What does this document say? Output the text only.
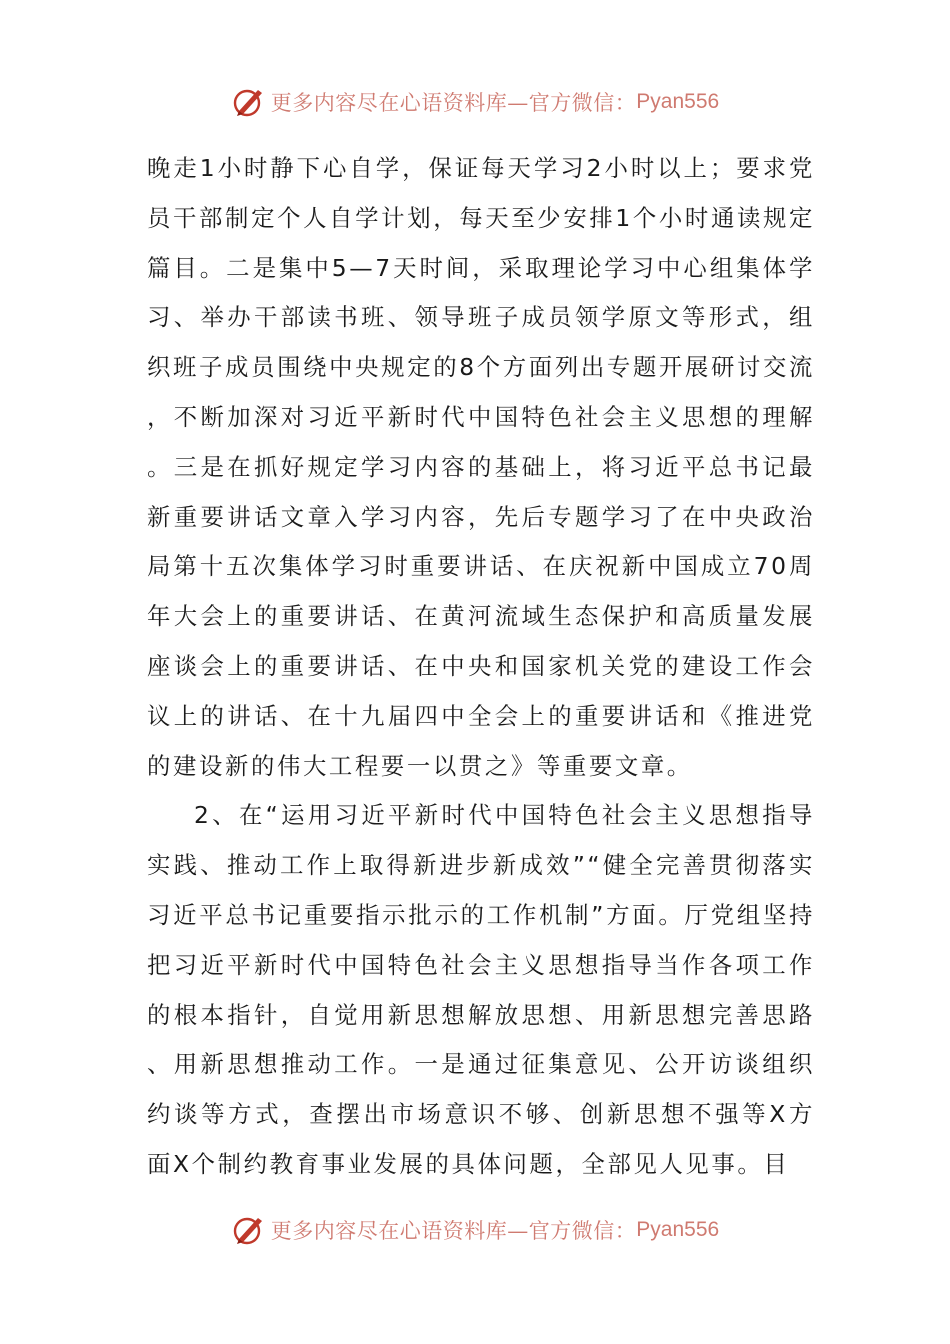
更多内容尽在心语资料库—官方微信： Pyan556

晚走1小时静下心自学，保证每天学习2小时以上；要求党员干部制定个人自学计划，每天至少安排1个小时通读规定篇目。二是集中5—7天时间，采取理论学习中心组集体学习、举办干部读书班、领导班子成员领学原文等形式，组织班子成员围绕中央规定的8个方面列出专题开展研讨交流，不断加深对习近平新时代中国特色社会主义思想的理解。三是在抓好规定学习内容的基础上，将习近平总书记最新重要讲话文章入学习内容，先后专题学习了在中央政治局第十五次集体学习时重要讲话、在庆祝新中国成立70周年大会上的重要讲话、在黄河流域生态保护和高质量发展座谈会上的重要讲话、在中央和国家机关党的建设工作会议上的讲话、在十九届四中全会上的重要讲话和《推进党的建设新的伟大工程要一以贯之》等重要文章。

2、在“运用习近平新时代中国特色社会主义思想指导实践、推动工作上取得新进步新成效”“健全完善贯彻落实习近平总书记重要指示批示的工作机制”方面。厅党组坚持把习近平新时代中国特色社会主义思想指导当作各项工作的根本指针，自觉用新思想解放思想、用新思想完善思路、用新思想推动工作。一是通过征集意见、公开访谈组织约谈等方式，查摆出市场意识不够、创新思想不强等X方面X个制约教育事业发展的具体问题，全部见人见事。目

更多内容尽在心语资料库—官方微信： Pyan556
